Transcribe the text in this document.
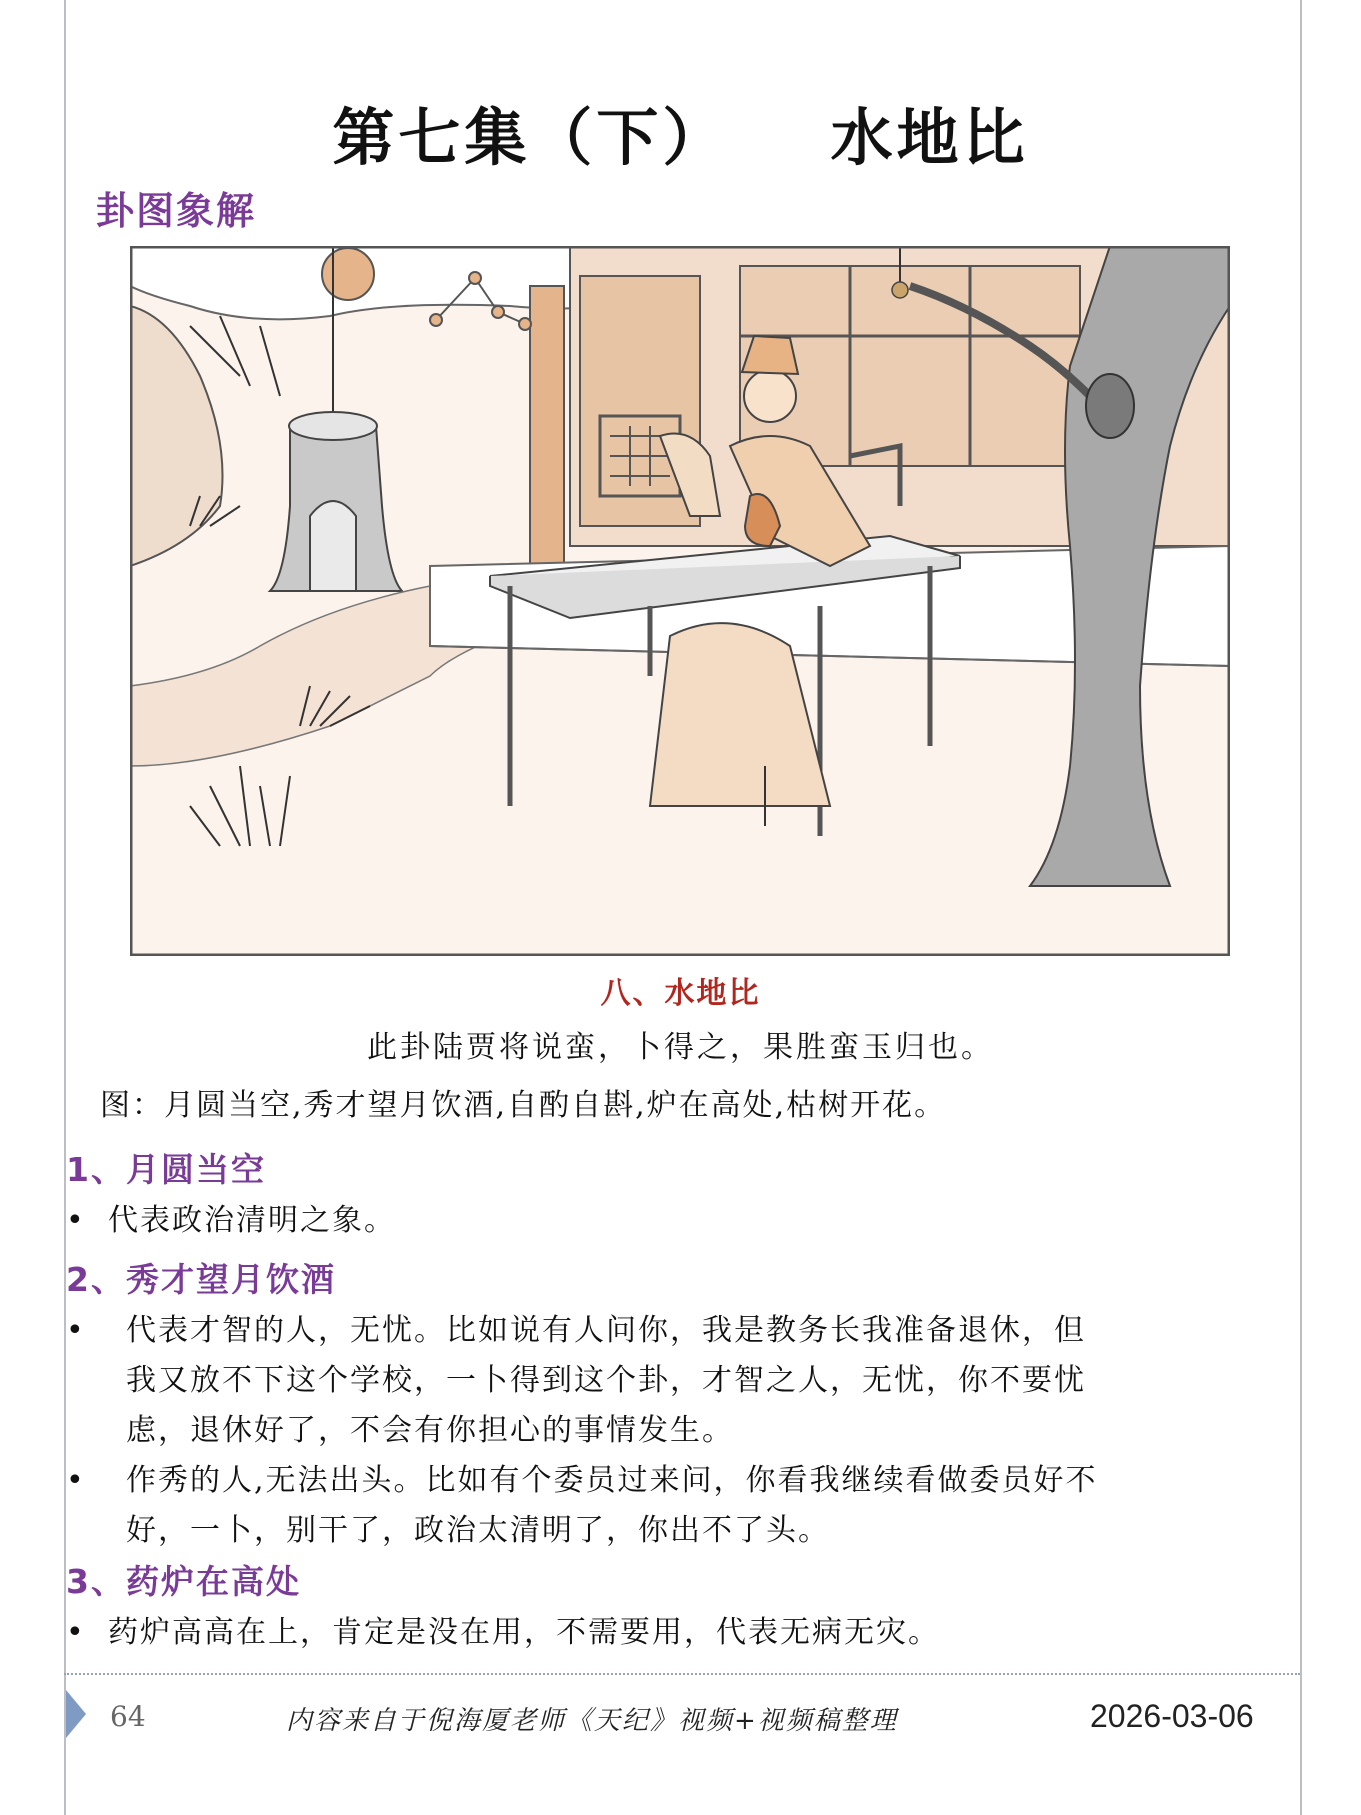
第七集（下）    水地比
卦图象解
八、水地比
此卦陆贾将说蛮，卜得之，果胜蛮玉归也。
图：月圆当空,秀才望月饮酒,自酌自斟,炉在高处,枯树开花。
1、月圆当空
• 代表政治清明之象。
2、秀才望月饮酒
• 代表才智的人，无忧。比如说有人问你，我是教务长我准备退休，但
我又放不下这个学校，一卜得到这个卦，才智之人，无忧，你不要忧
虑，退休好了，不会有你担心的事情发生。
• 作秀的人,无法出头。比如有个委员过来问，你看我继续看做委员好不
好，一卜，别干了，政治太清明了，你出不了头。
3、药炉在高处
• 药炉高高在上，肯定是没在用，不需要用，代表无病无灾。
64	内容来自于倪海厦老师《天纪》视频+视频稿整理	2026-03-06
